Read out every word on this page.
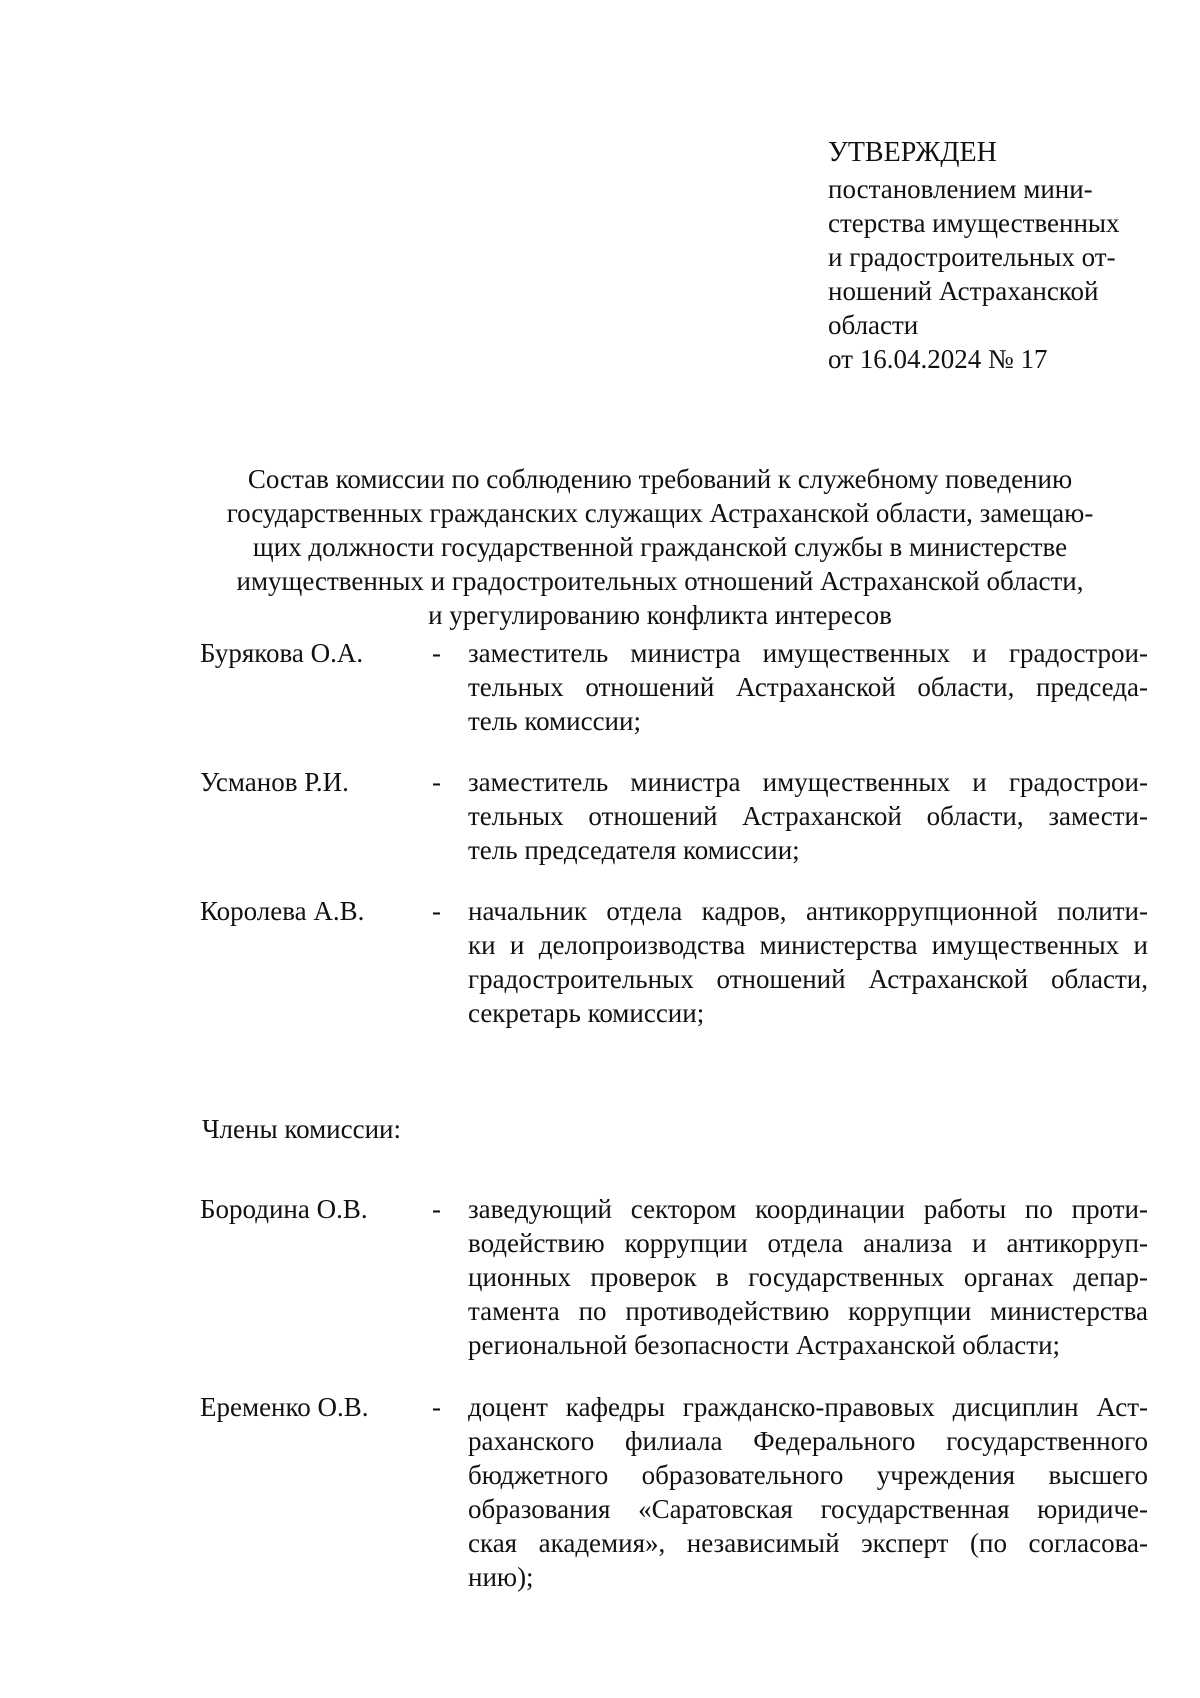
УТВЕРЖДЕН
постановлением мини-
стерства имущественных
и градостроительных от-
ношений Астраханской
области
от 16.04.2024 № 17
Состав комиссии по соблюдению требований к служебному поведению
государственных гражданских служащих Астраханской области, замещаю-
щих должности государственной гражданской службы в министерстве
имущественных и градостроительных отношений Астраханской области,
и урегулированию конфликта интересов
Бурякова О.А.	- заместитель министра имущественных и градострои-
тельных отношений Астраханской области, председа-
тель комиссии;
Усманов Р.И.	- заместитель министра имущественных и градострои-
тельных отношений Астраханской области, замести-
тель председателя комиссии;
Королева А.В.	- начальник отдела кадров, антикоррупционной полити-
ки и делопроизводства министерства имущественных и
градостроительных отношений Астраханской области,
секретарь комиссии;
Члены комиссии:
Бородина О.В. - заведующий сектором координации работы по проти-
водействию коррупции отдела анализа и антикорруп-
ционных проверок в государственных органах депар-
тамента по противодействию коррупции министерства
региональной безопасности Астраханской области;
Еременко О.В. - доцент кафедры гражданско-правовых дисциплин Аст-
раханского филиала Федерального государственного
бюджетного образовательного учреждения высшего
образования «Саратовская государственная юридиче-
ская академия», независимый эксперт (по согласова-
нию);
